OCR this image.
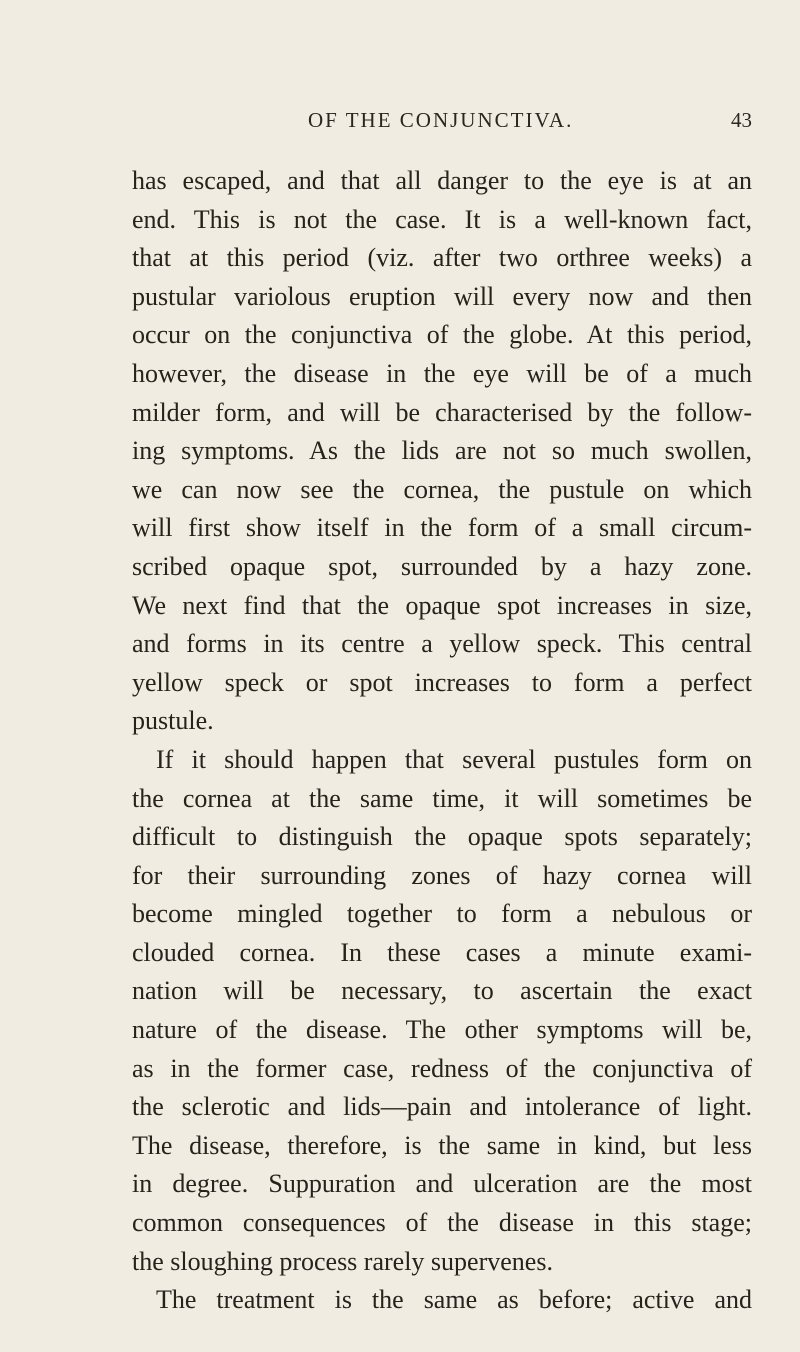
OF THE CONJUNCTIVA.	43
has escaped, and that all danger to the eye is at an
end. This is not the case. It is a well-known fact,
that at this period (viz. after two orthree weeks) a
pustular variolous eruption will every now and then
occur on the conjunctiva of the globe. At this period,
however, the disease in the eye will be of a much
milder form, and will be characterised by the follow-
ing symptoms. As the lids are not so much swollen,
we can now see the cornea, the pustule on which
will first show itself in the form of a small circum-
scribed opaque spot, surrounded by a hazy zone.
We next find that the opaque spot increases in size,
and forms in its centre a yellow speck. This central
yellow speck or spot increases to form a perfect
pustule.
If it should happen that several pustules form on
the cornea at the same time, it will sometimes be
difficult to distinguish the opaque spots separately;
for their surrounding zones of hazy cornea will
become mingled together to form a nebulous or
clouded cornea. In these cases a minute exami-
nation will be necessary, to ascertain the exact
nature of the disease. The other symptoms will be,
as in the former case, redness of the conjunctiva of
the sclerotic and lids—pain and intolerance of light.
The disease, therefore, is the same in kind, but less
in degree. Suppuration and ulceration are the most
common consequences of the disease in this stage;
the sloughing process rarely supervenes.
The treatment is the same as before; active and
